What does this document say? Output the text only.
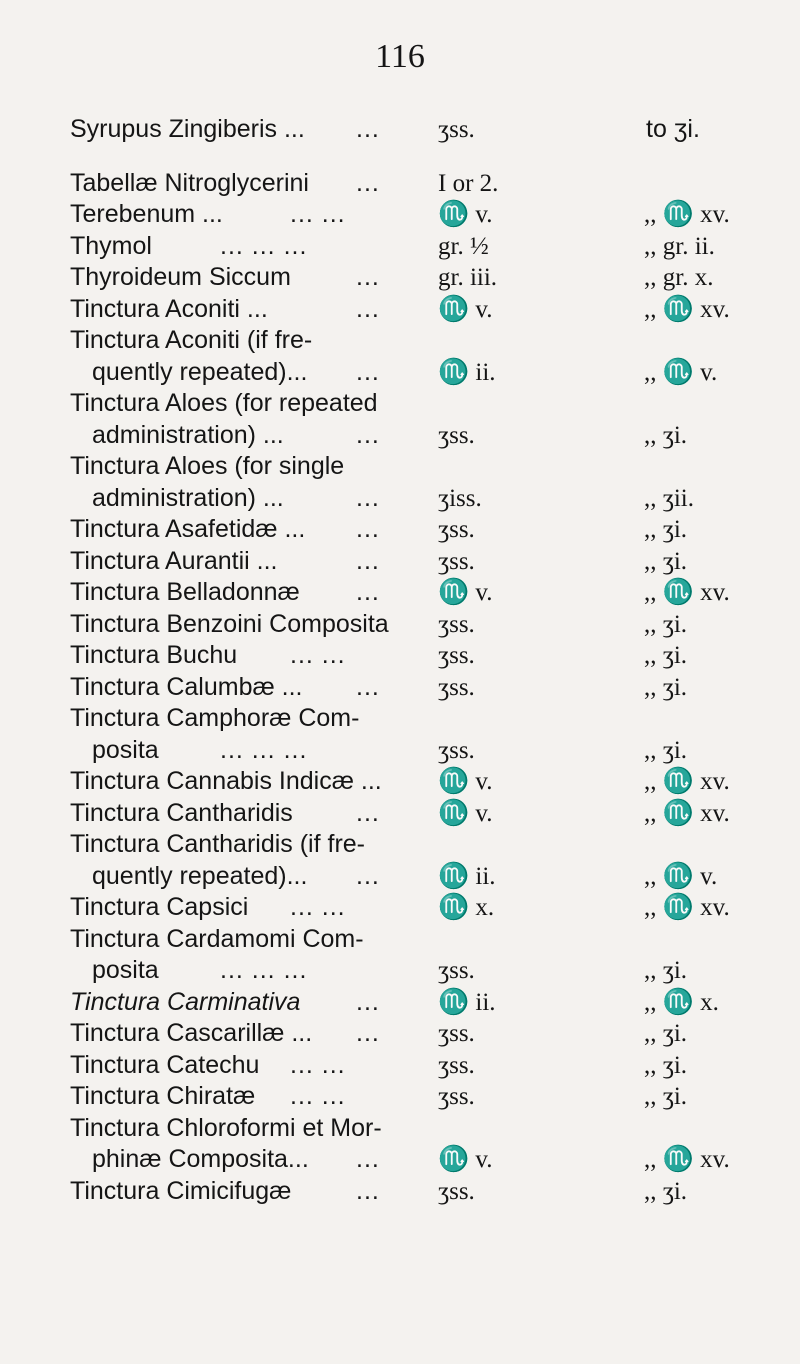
116
Syrupus Zingiberis ... ... ʒss.	to ʒi.
Tabellæ Nitroglycerini ... I or 2.
Terebenum ...	... ...	♏ v.	,, ♏ xv.
Thymol	... ... ...	gr. ½	,, gr. ii.
Thyroideum Siccum	... gr. iii.	,, gr. x.
Tinctura Aconiti ...	... ♏ v.	,, ♏ xv.
Tinctura Aconiti (if fre-
quently repeated)... ... ♏ ii.	,, ♏ v.
Tinctura Aloes (for repeated
administration) ...	... ʒss.	,, ʒi.
Tinctura Aloes (for single
administration) ...	... ʒiss.	,, ʒii.
Tinctura Asafetidæ ... ... ʒss.	,, ʒi.
Tinctura Aurantii ...	... ʒss.	,, ʒi.
Tinctura Belladonnæ ... ♏ v.	,, ♏ xv.
Tinctura Benzoini Composita ʒss.	,, ʒi.
Tinctura Buchu ... ...	ʒss.	,, ʒi.
Tinctura Calumbæ ... ... ʒss.	,, ʒi.
Tinctura Camphoræ Com-
posita ... ... ...	ʒss.	,, ʒi.
Tinctura Cannabis Indicæ ... ♏ v.	,, ♏ xv.
Tinctura Cantharidis	... ♏ v.	,, ♏ xv.
Tinctura Cantharidis (if fre-
quently repeated)... ... ♏ ii.	,, ♏ v.
Tinctura Capsici ... ...	♏ x.	,, ♏ xv.
Tinctura Cardamomi Com-
posita ... ... ...	ʒss.	,, ʒi.
Tinctura Carminativa ... ♏ ii.	,, ♏ x.
Tinctura Cascarillæ ... ... ʒss.	,, ʒi.
Tinctura Catechu ... ...	ʒss.	,, ʒi.
Tinctura Chiratæ ... ...	ʒss.	,, ʒi.
Tinctura Chloroformi et Mor-
phinæ Composita... ... ♏ v.	,, ♏ xv.
Tinctura Cimicifugæ	... ʒss.	,, ʒi.
